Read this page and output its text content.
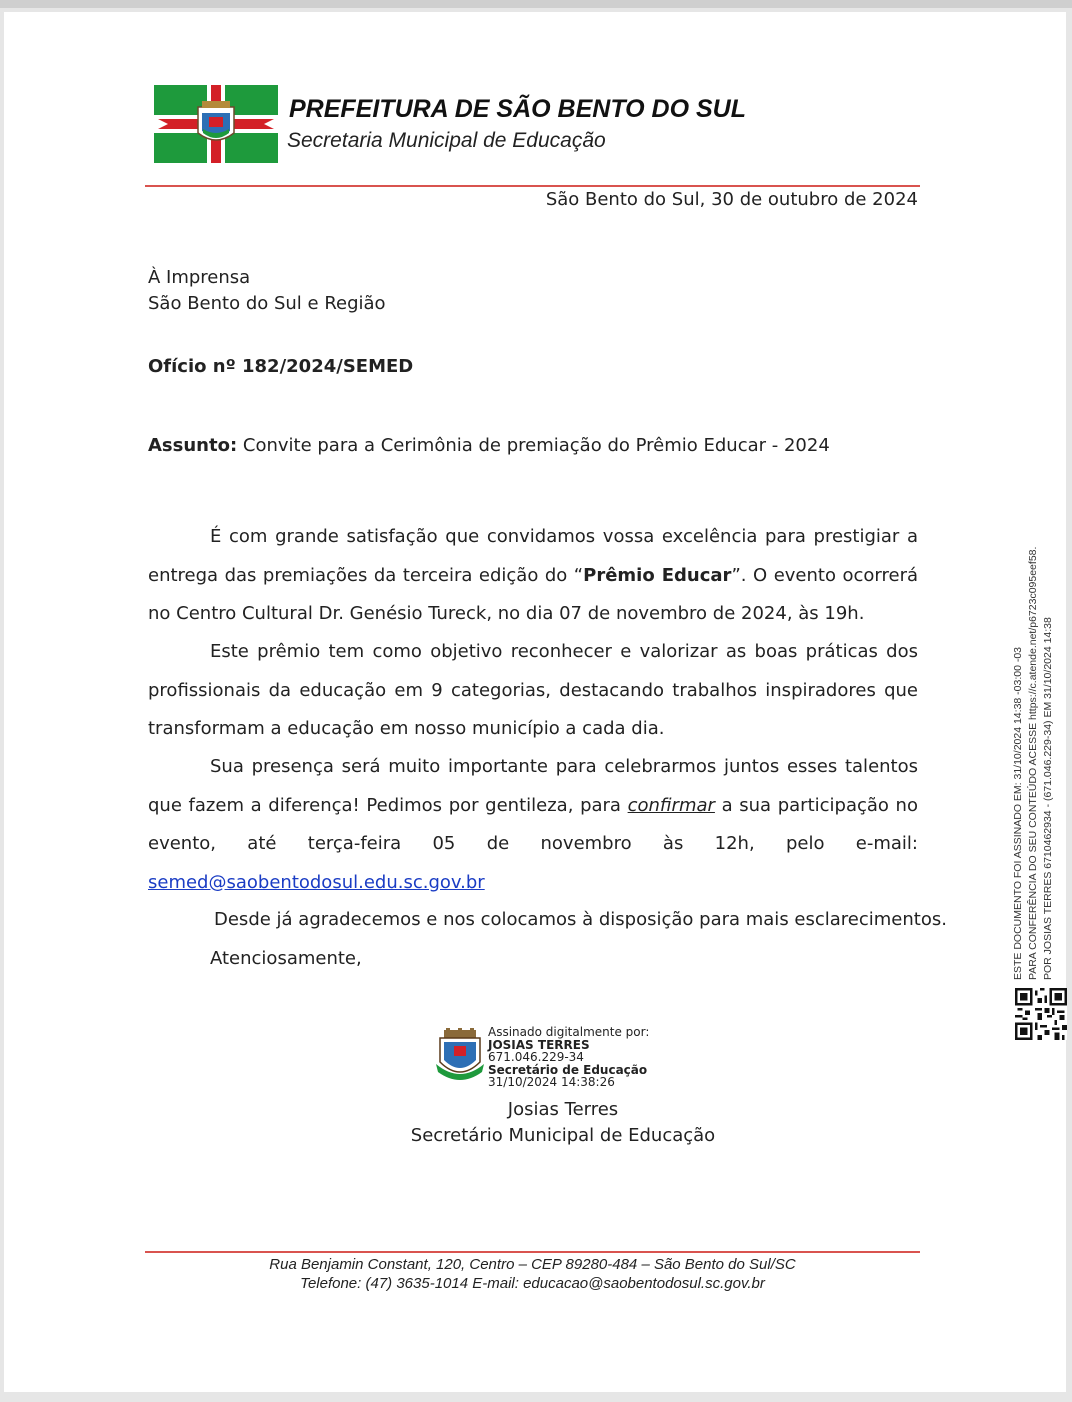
PREFEITURA DE SÃO BENTO DO SUL
Secretaria Municipal de Educação
São Bento do Sul, 30 de outubro de 2024
À Imprensa
São Bento do Sul e Região
Ofício nº 182/2024/SEMED
Assunto: Convite para a Cerimônia de premiação do Prêmio Educar - 2024
É com grande satisfação que convidamos vossa excelência para prestigiar a entrega das premiações da terceira edição do “Prêmio Educar”. O evento ocorrerá no Centro Cultural Dr. Genésio Tureck, no dia 07 de novembro de 2024, às 19h.
Este prêmio tem como objetivo reconhecer e valorizar as boas práticas dos profissionais da educação em 9 categorias, destacando trabalhos inspiradores que transformam a educação em nosso município a cada dia.
Sua presença será muito importante para celebrarmos juntos esses talentos que fazem a diferença! Pedimos por gentileza, para confirmar a sua participação no evento, até terça-feira 05 de novembro às 12h, pelo e-mail: semed@saobentodosul.edu.sc.gov.br
Desde já agradecemos e nos colocamos à disposição para mais esclarecimentos.
Atenciosamente,
Assinado digitalmente por:
JOSIAS TERRES
671.046.229-34
Secretário de Educação
31/10/2024 14:38:26
Josias Terres
Secretário Municipal de Educação
Rua Benjamin Constant, 120, Centro – CEP 89280-484 – São Bento do Sul/SC
Telefone: (47) 3635-1014 E-mail: educacao@saobentodosul.sc.gov.br
ESTE DOCUMENTO FOI ASSINADO EM: 31/10/2024 14:38 -03:00 -03 PARA CONFERÊNCIA DO SEU CONTEÚDO ACESSE https://c.atende.net/p6723c095eef58. POR JOSIAS TERRES 6710462934 - (671.046.229-34) EM 31/10/2024 14:38
